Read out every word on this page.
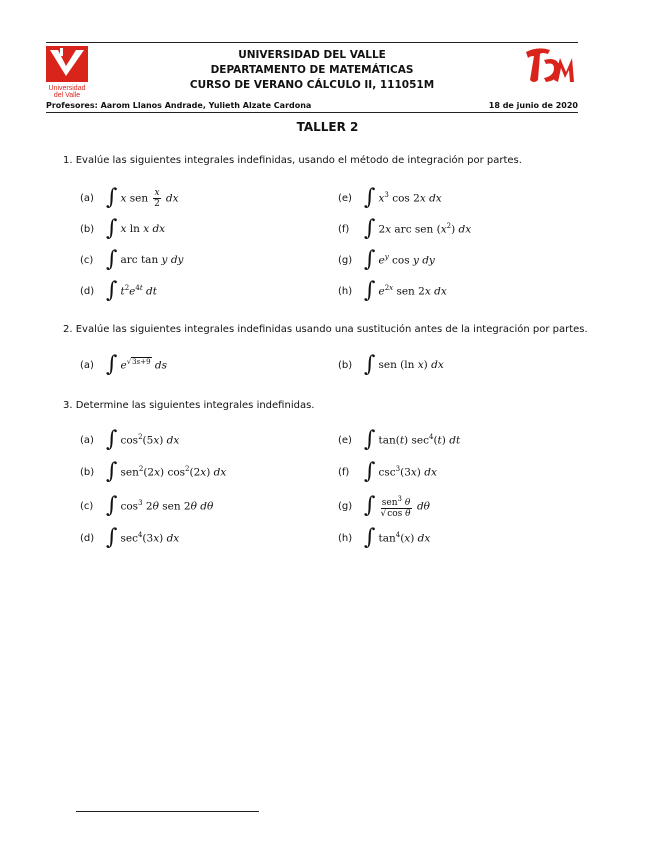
Universidad
del Valle
UNIVERSIDAD DEL VALLE
DEPARTAMENTO DE MATEMÁTICAS
CURSO DE VERANO CÁLCULO II, 111051M
Profesores: Aarom Llanos Andrade, Yulieth Alzate Cardona	18 de junio de 2020
TALLER 2
1. Evalúe las siguientes integrales indefinidas, usando el método de integración por partes.
(a) ∫ x sen $\frac{x}{2}$ dx
(b) ∫ x ln x dx
(c) ∫ arc tan y dy
(d) ∫ $t^2e^{4t}$ dt
(e) ∫ $x^3$ cos 2x dx
(f) ∫ 2x arc sen $(x^2)$ dx
(g) ∫ $e^y$ cos y dy
(h) ∫ $e^{2x}$ sen 2x dx
2. Evalúe las siguientes integrales indefinidas usando una sustitución antes de la integración por partes.
(a) ∫ $e^{√3s+9}$ ds	(b) ∫ sen (ln x) dx
3. Determine las siguientes integrales indefinidas.
(a) ∫ $\cos^2(5x)$ dx
(b) ∫ sen$^2$(2x) $\cos^2(2x)$ dx
(c) ∫ $\cos^3 2\theta$ sen 2θ dθ
(d) ∫ $\sec^4(3x)$ dx
(e) ∫ tan(t) $\sec^4(t)$ dt
(f) ∫ $\csc^3(3x)$ dx
(g) ∫ $\frac{sen^3 \theta}{\text{√cos θ}}$ dθ
(h) ∫ $\tan^4(x)$ dx
